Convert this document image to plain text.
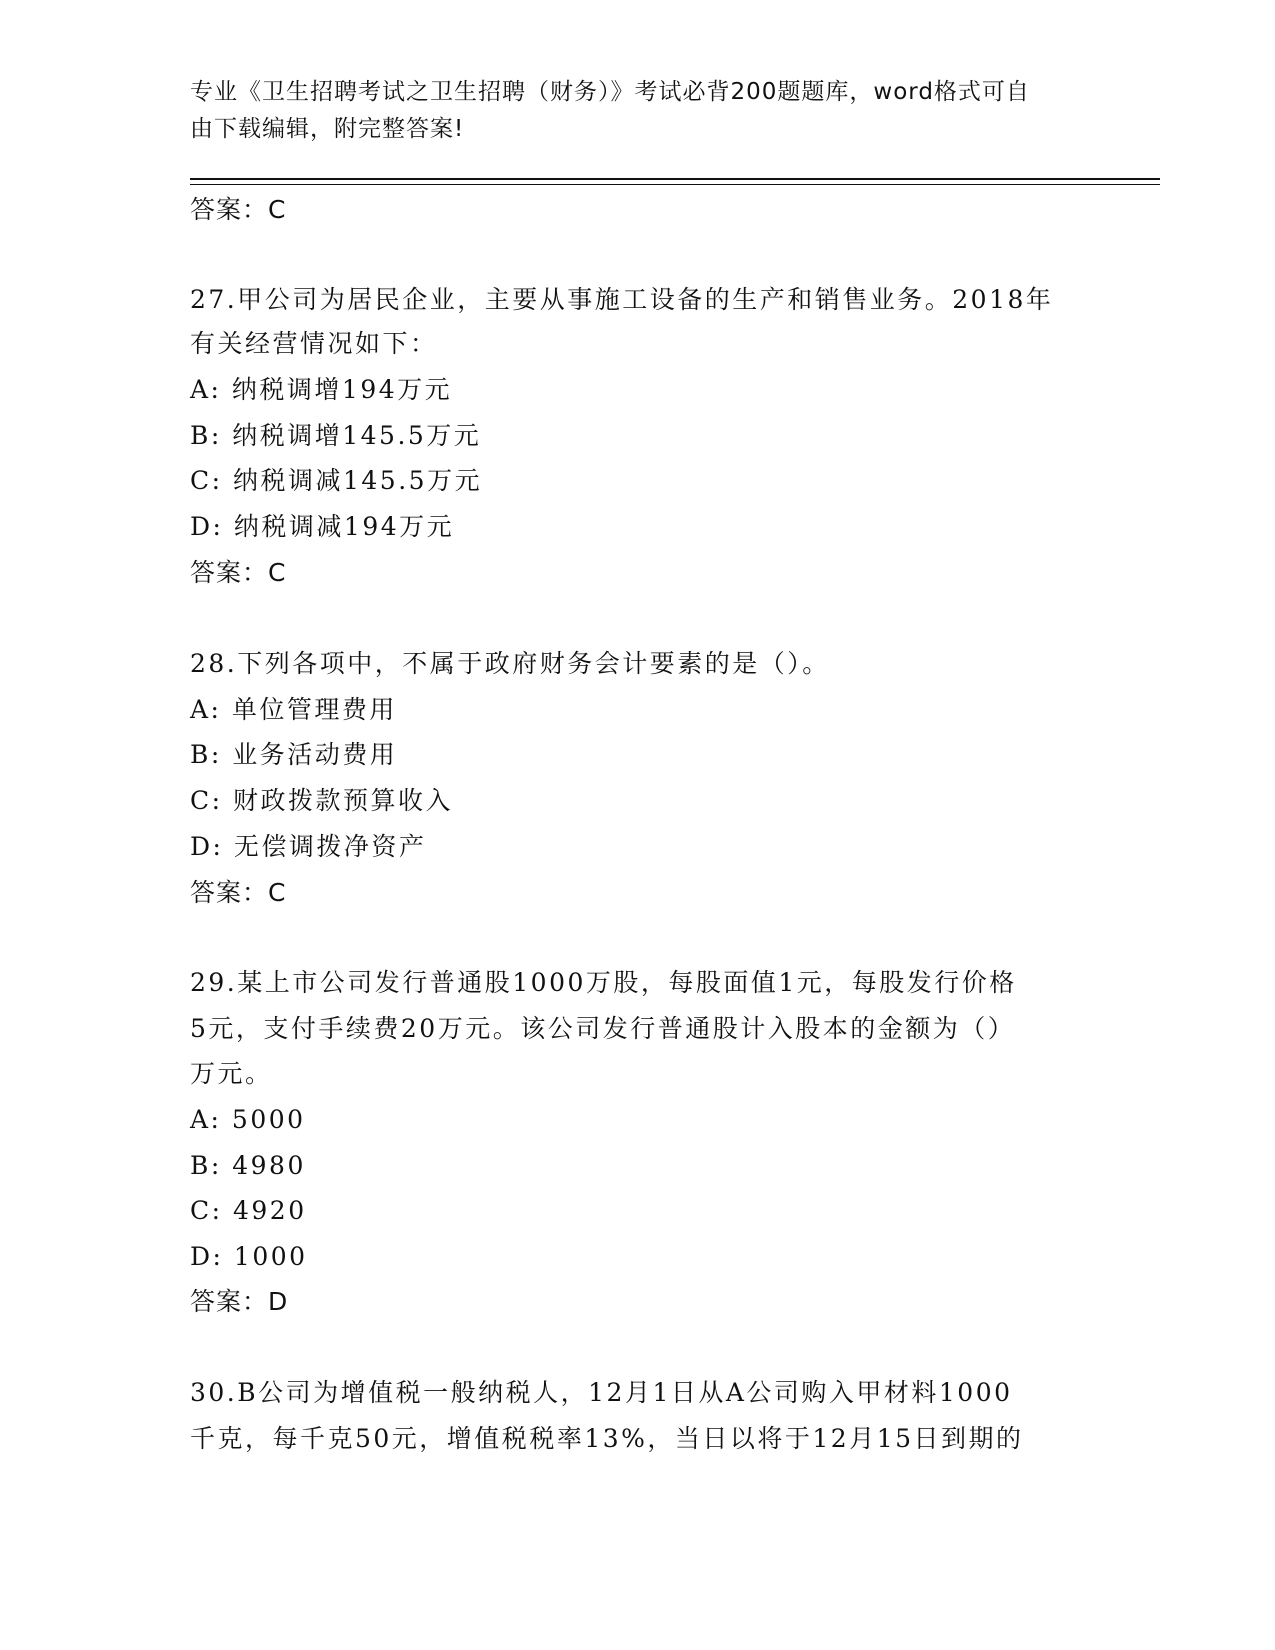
专业《卫生招聘考试之卫生招聘（财务）》考试必背200题题库，word格式可自
由下载编辑，附完整答案!
答案：C
27.甲公司为居民企业，主要从事施工设备的生产和销售业务。2018年
有关经营情况如下：
A: 纳税调增194万元
B: 纳税调增145.5万元
C: 纳税调减145.5万元
D: 纳税调减194万元
答案：C
28.下列各项中，不属于政府财务会计要素的是（）。
A: 单位管理费用
B: 业务活动费用
C: 财政拨款预算收入
D: 无偿调拨净资产
答案：C
29.某上市公司发行普通股1000万股，每股面值1元，每股发行价格
5元，支付手续费20万元。该公司发行普通股计入股本的金额为（）
万元。
A: 5000
B: 4980
C: 4920
D: 1000
答案：D
30.B公司为增值税一般纳税人，12月1日从A公司购入甲材料1000
千克，每千克50元，增值税税率13%，当日以将于12月15日到期的
